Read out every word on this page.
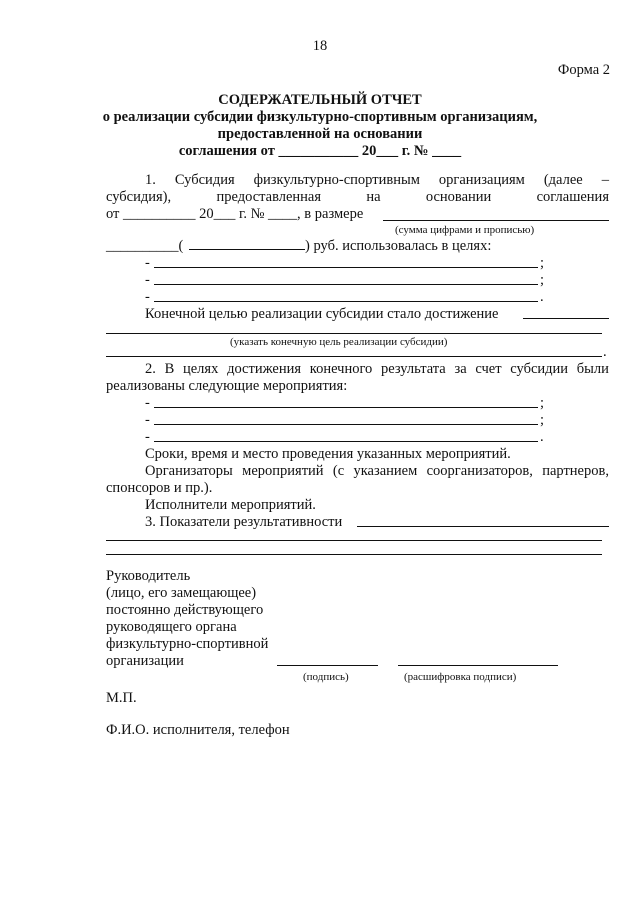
18
Форма 2
СОДЕРЖАТЕЛЬНЫЙ ОТЧЕТ
о реализации субсидии физкультурно-спортивным организациям,
предоставленной на основании
соглашения от ___________ 20___ г. № ____
1. Субсидия физкультурно-спортивным организациям (далее –
субсидия),	предоставленная	на	основании	соглашения
от __________ 20___ г. № ____, в размере
(сумма цифрами и прописью)
__________(	) руб. использовалась в целях:
-	;
-	;
-	.
Конечной целью реализации субсидии стало достижение
(указать конечную цель реализации субсидии)
.
2. В целях достижения конечного результата за счет субсидии были
реализованы следующие мероприятия:
-	;
-	;
-	.
Сроки, время и место проведения указанных мероприятий.
Организаторы мероприятий (с указанием соорганизаторов, партнеров,
спонсоров и пр.).
Исполнители мероприятий.
3. Показатели результативности
Руководитель
(лицо, его замещающее)
постоянно действующего
руководящего органа
физкультурно-спортивной
организации
(подпись)	(расшифровка подписи)
М.П.
Ф.И.О. исполнителя, телефон
